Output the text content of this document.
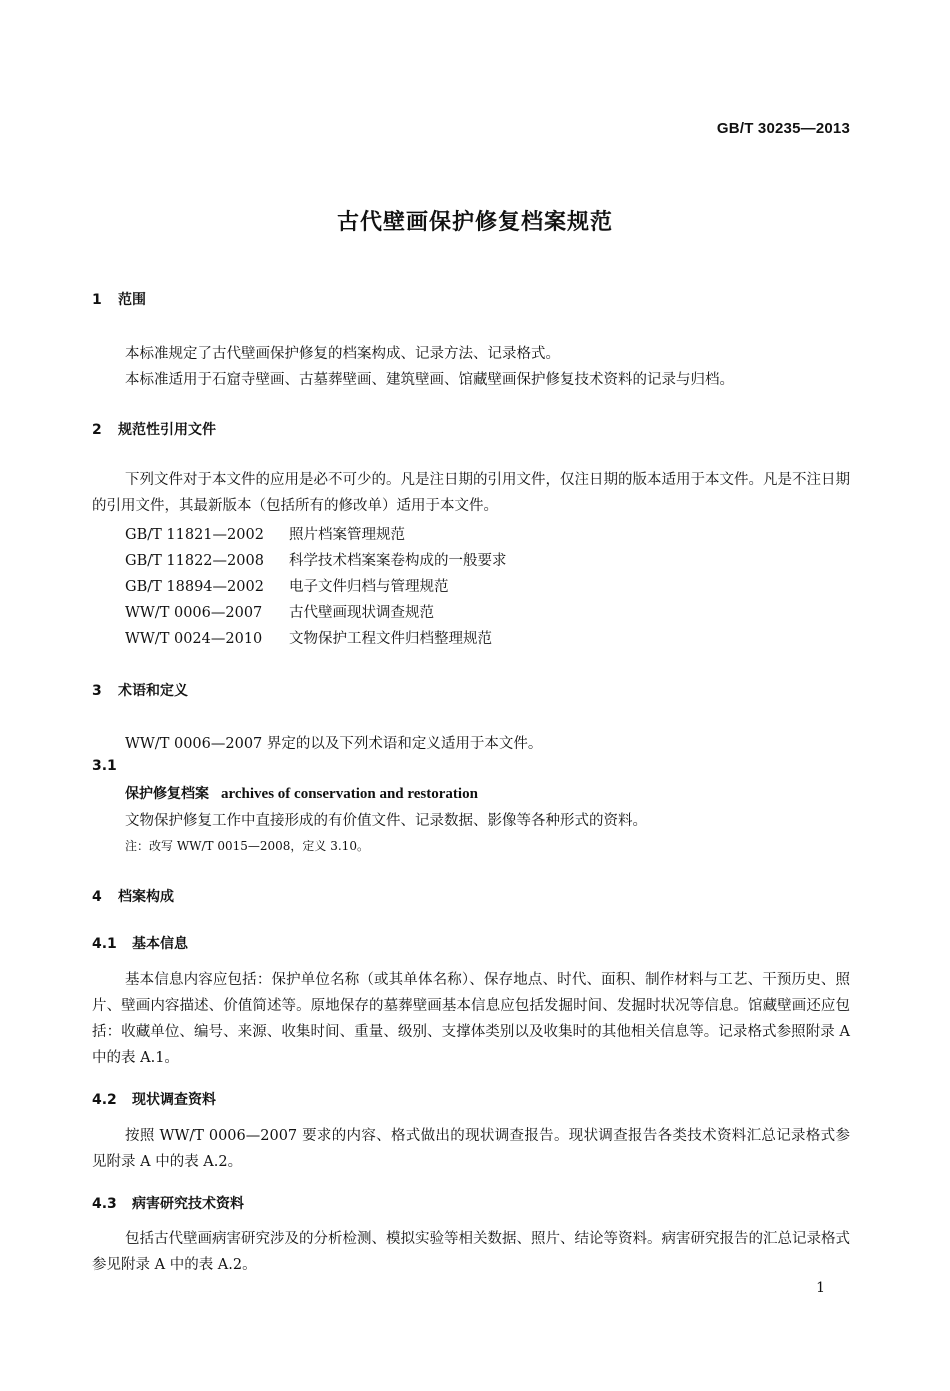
GB/T 30235—2013
古代壁画保护修复档案规范
1 范围
本标准规定了古代壁画保护修复的档案构成、记录方法、记录格式。
本标准适用于石窟寺壁画、古墓葬壁画、建筑壁画、馆藏壁画保护修复技术资料的记录与归档。
2 规范性引用文件
下列文件对于本文件的应用是必不可少的。凡是注日期的引用文件，仅注日期的版本适用于本文件。凡是不注日期的引用文件，其最新版本（包括所有的修改单）适用于本文件。
GB/T 11821—2002 照片档案管理规范
GB/T 11822—2008 科学技术档案案卷构成的一般要求
GB/T 18894—2002 电子文件归档与管理规范
WW/T 0006—2007 古代壁画现状调查规范
WW/T 0024—2010 文物保护工程文件归档整理规范
3 术语和定义
WW/T 0006—2007 界定的以及下列术语和定义适用于本文件。
3.1
保护修复档案 archives of conservation and restoration
文物保护修复工作中直接形成的有价值文件、记录数据、影像等各种形式的资料。
注：改写 WW/T 0015—2008，定义 3.10。
4 档案构成
4.1 基本信息
基本信息内容应包括：保护单位名称（或其单体名称）、保存地点、时代、面积、制作材料与工艺、干预历史、照片、壁画内容描述、价值简述等。原地保存的墓葬壁画基本信息应包括发掘时间、发掘时状况等信息。馆藏壁画还应包括：收藏单位、编号、来源、收集时间、重量、级别、支撑体类别以及收集时的其他相关信息等。记录格式参照附录 A 中的表 A.1。
4.2 现状调查资料
按照 WW/T 0006—2007 要求的内容、格式做出的现状调查报告。现状调查报告各类技术资料汇总记录格式参见附录 A 中的表 A.2。
4.3 病害研究技术资料
包括古代壁画病害研究涉及的分析检测、模拟实验等相关数据、照片、结论等资料。病害研究报告的汇总记录格式参见附录 A 中的表 A.2。
1
